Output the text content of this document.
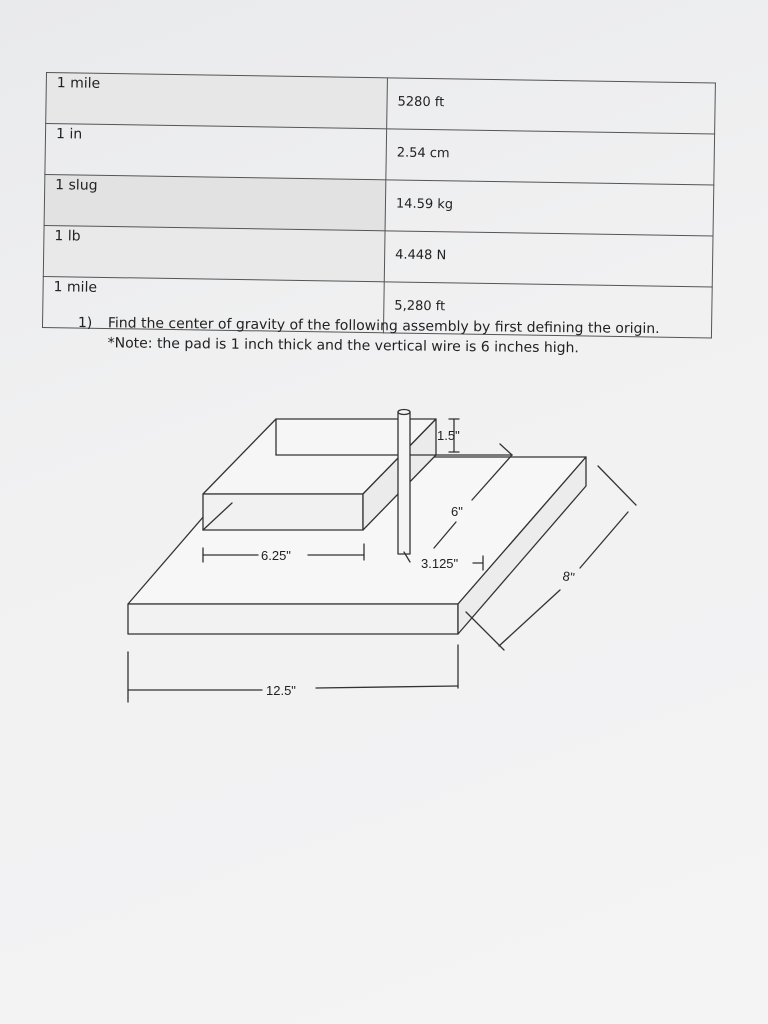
1 mile	5280 ft
1 in	2.54 cm
1 slug	14.59 kg
1 lb	4.448 N
1 mile	5,280 ft
1) Find the center of gravity of the following assembly by first defining the origin.
*Note: the pad is 1 inch thick and the vertical wire is 6 inches high.
1.5"
6"
6.25"
3.125"
8"
12.5"
